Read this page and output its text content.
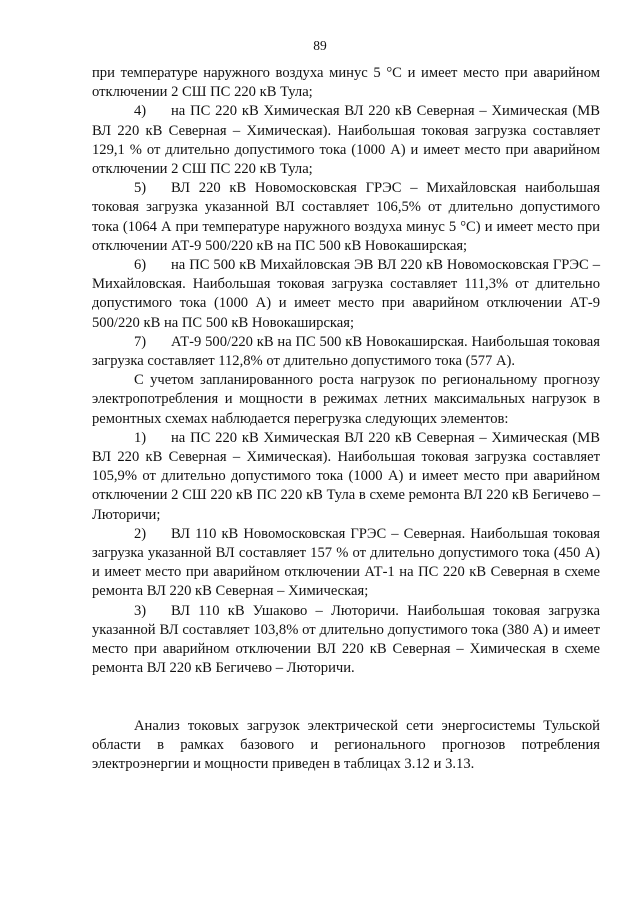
89

при температуре наружного воздуха минус 5 °С и имеет место при аварийном отключении 2 СШ ПС 220 кВ Тула;

4) на ПС 220 кВ Химическая ВЛ 220 кВ Северная – Химическая (МВ ВЛ 220 кВ Северная – Химическая). Наибольшая токовая загрузка составляет 129,1 % от длительно допустимого тока (1000 А) и имеет место при аварийном отключении 2 СШ ПС 220 кВ Тула;

5) ВЛ 220 кВ Новомосковская ГРЭС – Михайловская наибольшая токовая загрузка указанной ВЛ составляет 106,5% от длительно допустимого тока (1064 А при температуре наружного воздуха минус 5 °С) и имеет место при отключении АТ-9 500/220 кВ на ПС 500 кВ Новокаширская;

6) на ПС 500 кВ Михайловская ЭВ ВЛ 220 кВ Новомосковская ГРЭС – Михайловская. Наибольшая токовая загрузка составляет 111,3% от длительно допустимого тока (1000 А) и имеет место при аварийном отключении АТ-9 500/220 кВ на ПС 500 кВ Новокаширская;

7) АТ-9 500/220 кВ на ПС 500 кВ Новокаширская. Наибольшая токовая загрузка составляет 112,8% от длительно допустимого тока (577 А).

С учетом запланированного роста нагрузок по региональному прогнозу электропотребления и мощности в режимах летних максимальных нагрузок в ремонтных схемах наблюдается перегрузка следующих элементов:

1) на ПС 220 кВ Химическая ВЛ 220 кВ Северная – Химическая (МВ ВЛ 220 кВ Северная – Химическая). Наибольшая токовая загрузка составляет 105,9% от длительно допустимого тока (1000 А) и имеет место при аварийном отключении 2 СШ 220 кВ ПС 220 кВ Тула в схеме ремонта ВЛ 220 кВ Бегичево – Люторичи;

2) ВЛ 110 кВ Новомосковская ГРЭС – Северная. Наибольшая токовая загрузка указанной ВЛ составляет 157 % от длительно допустимого тока (450 А) и имеет место при аварийном отключении АТ-1 на ПС 220 кВ Северная в схеме ремонта ВЛ 220 кВ Северная – Химическая;

3) ВЛ 110 кВ Ушаково – Люторичи. Наибольшая токовая загрузка указанной ВЛ составляет 103,8% от длительно допустимого тока (380 А) и имеет место при аварийном отключении ВЛ 220 кВ Северная – Химическая в схеме ремонта ВЛ 220 кВ Бегичево – Люторичи.

Анализ токовых загрузок электрической сети энергосистемы Тульской области в рамках базового и регионального прогнозов потребления электроэнергии и мощности приведен в таблицах 3.12 и 3.13.
